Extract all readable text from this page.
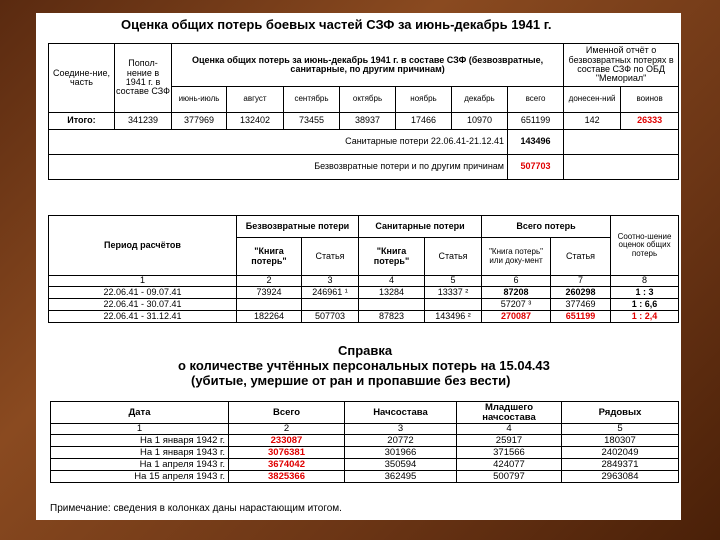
Оценка общих потерь боевых частей СЗФ за июнь-декабрь 1941 г.
Соедине-ние, часть	Попол-нение в 1941 г. в составе СЗФ	Оценка общих потерь за июнь-декабрь 1941 г. в составе СЗФ (безвозвратные, санитарные, по другим причинам)							Именной отчёт о безвозвратных потерях в составе СЗФ по ОБД "Мемориал"	
		июнь-июль	август	сентябрь	октябрь	ноябрь	декабрь	всего	донесен-ний	воинов
Итого:	341239	377969	132402	73455	38937	17466	10970	651199	142	26333
Санитарные потери 22.06.41-21.12.41								143496		
Безвозвратные потери и по другим причинам								507703		
Период расчётов	Безвозвратные потери		Санитарные потери		Всего потерь		Соотно-шение оценок общих потерь
	"Книга потерь"	Статья	"Книга потерь"	Статья	"Книга потерь" или доку-мент	Статья	
1	2	3	4	5	6	7	8
22.06.41 - 09.07.41	73924	246961 ¹	13284	13337 ²	87208	260298	1 : 3
22.06.41 - 30.07.41					57207 ³	377469	1 : 6,6
22.06.41 - 31.12.41	182264	507703	87823	143496 ²	270087	651199	1 : 2,4
Справка
о количестве учтённых персональных потерь на 15.04.43
(убитые, умершие от ран и пропавшие без вести)
Дата	Всего	Начсостава	Младшего начсостава	Рядовых
1	2	3	4	5
На 1 января 1942 г.	233087	20772	25917	180307
На 1 января 1943 г.	3076381	301966	371566	2402049
На 1 апреля 1943 г.	3674042	350594	424077	2849371
На 15 апреля 1943 г.	3825366	362495	500797	2963084
Примечание: сведения в колонках даны нарастающим итогом.
